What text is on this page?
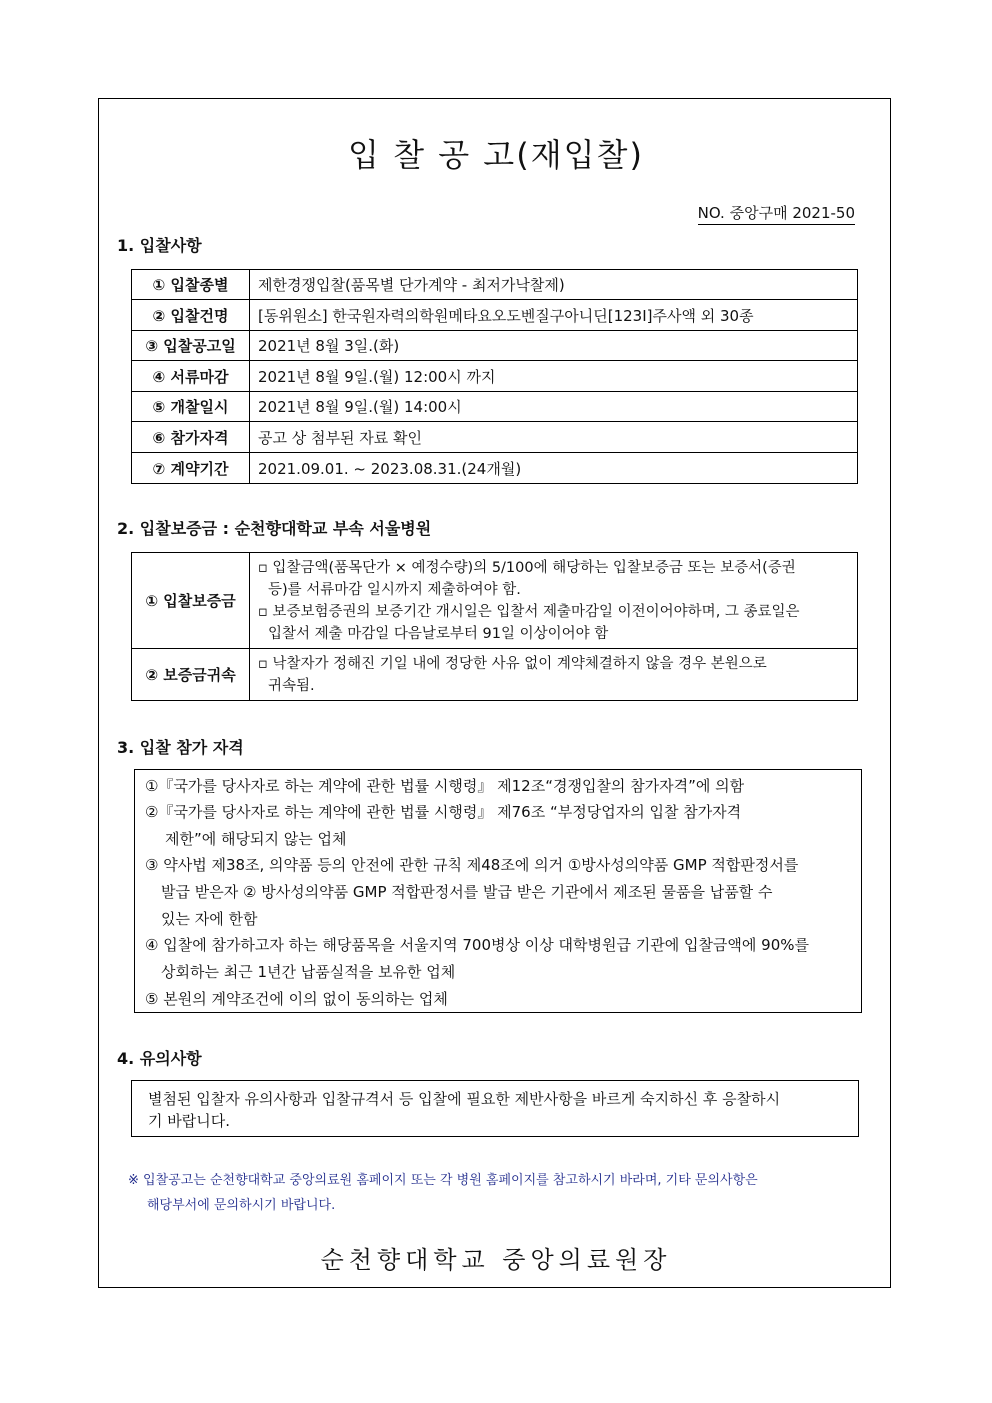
입 찰 공 고(재입찰)
NO. 중앙구매 2021-50
1. 입찰사항
① 입찰종별	제한경쟁입찰(품목별 단가계약 - 최저가낙찰제)
② 입찰건명	[동위원소] 한국원자력의학원메타요오도벤질구아니딘[123I]주사액 외 30종
③ 입찰공고일	2021년 8월 3일.(화)
④ 서류마감	2021년 8월 9일.(월) 12:00시 까지
⑤ 개찰일시	2021년 8월 9일.(월) 14:00시
⑥ 참가자격	공고 상 첨부된 자료 확인
⑦ 계약기간	2021.09.01. ~ 2023.08.31.(24개월)
2. 입찰보증금 : 순천향대학교 부속 서울병원
① 입찰보증금	▫ 입찰금액(품목단가 × 예정수량)의 5/100에 해당하는 입찰보증금 또는 보증서(증권
등)를 서류마감 일시까지 제출하여야 함.
▫ 보증보험증권의 보증기간 개시일은 입찰서 제출마감일 이전이어야하며, 그 종료일은
입찰서 제출 마감일 다음날로부터 91일 이상이어야 함

② 보증금귀속	▫ 낙찰자가 정해진 기일 내에 정당한 사유 없이 계약체결하지 않을 경우 본원으로
귀속됨.
3. 입찰 참가 자격
①『국가를 당사자로 하는 계약에 관한 법률 시행령』 제12조“경쟁입찰의 참가자격”에 의함
②『국가를 당사자로 하는 계약에 관한 법률 시행령』 제76조 “부정당업자의 입찰 참가자격
제한”에 해당되지 않는 업체
③ 약사법 제38조, 의약품 등의 안전에 관한 규칙 제48조에 의거 ①방사성의약품 GMP 적합판정서를
발급 받은자 ② 방사성의약품 GMP 적합판정서를 발급 받은 기관에서 제조된 물품을 납품할 수
있는 자에 한함
④ 입찰에 참가하고자 하는 해당품목을 서울지역 700병상 이상 대학병원급 기관에 입찰금액에 90%를
상회하는 최근 1년간 납품실적을 보유한 업체
⑤ 본원의 계약조건에 이의 없이 동의하는 업체
4. 유의사항
별첨된 입찰자 유의사항과 입찰규격서 등 입찰에 필요한 제반사항을 바르게 숙지하신 후 응찰하시
기 바랍니다.
※ 입찰공고는 순천향대학교 중앙의료원 홈페이지 또는 각 병원 홈페이지를 참고하시기 바라며, 기타 문의사항은
해당부서에 문의하시기 바랍니다.
순천향대학교 중앙의료원장
